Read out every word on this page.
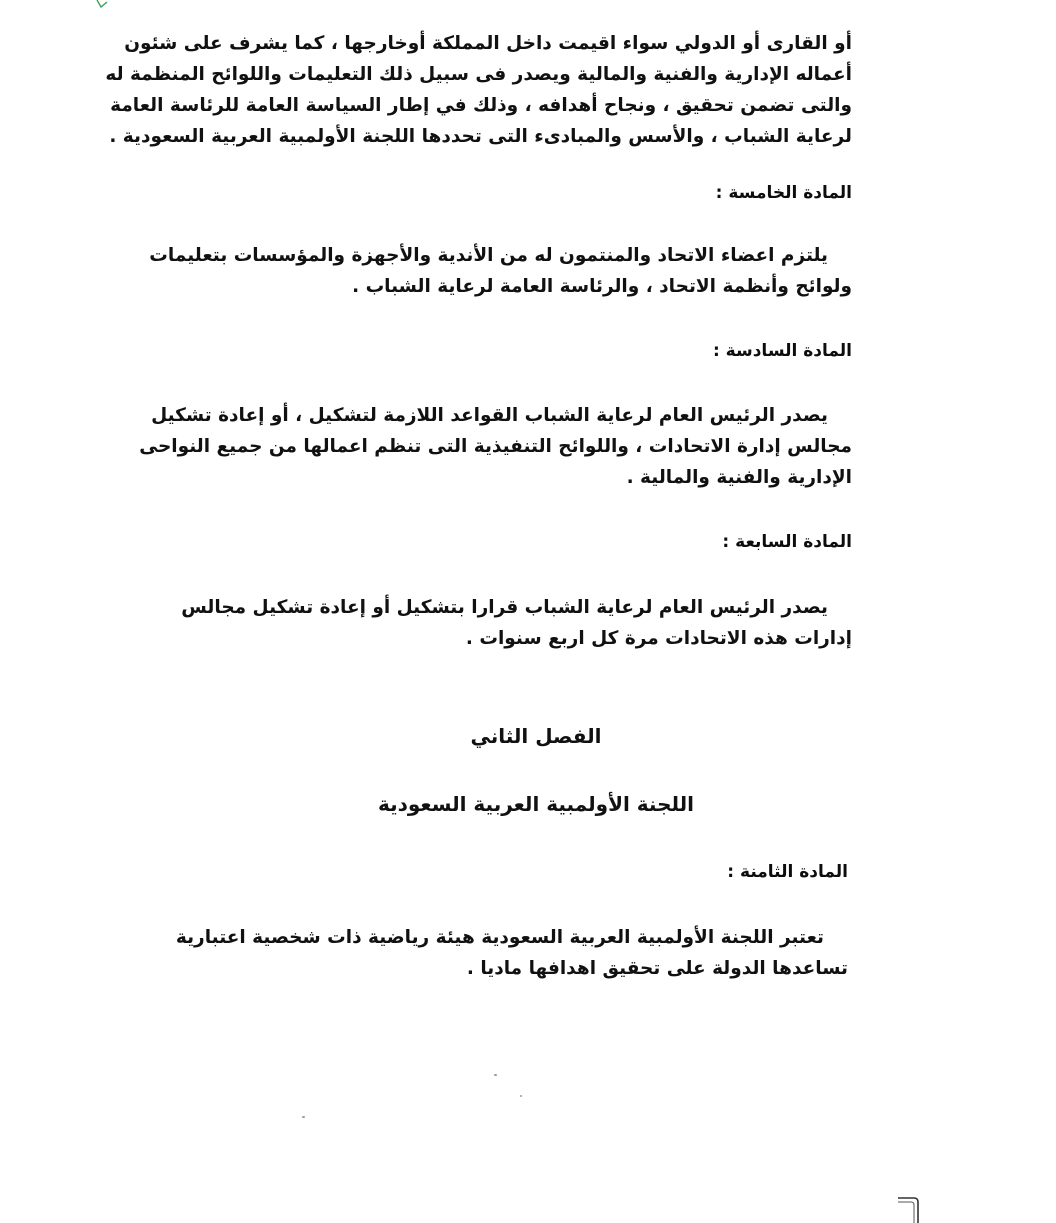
أو القارى أو الدولي سواء اقيمت داخل المملكة أوخارجها ، كما يشرف على شئون
أعماله الإدارية والفنية والمالية ويصدر فى سبيل ذلك التعليمات واللوائح المنظمة له
والتى تضمن تحقيق ، ونجاح أهدافه ، وذلك في إطار السياسة العامة للرئاسة العامة
لرعاية الشباب ، والأسس والمبادىء التى تحددها اللجنة الأولمبية العربية السعودية .
المادة الخامسة :
يلتزم اعضاء الاتحاد والمنتمون له من الأندية والأجهزة والمؤسسات بتعليمات
ولوائح وأنظمة الاتحاد ، والرئاسة العامة لرعاية الشباب .
المادة السادسة :
يصدر الرئيس العام لرعاية الشباب القواعد اللازمة لتشكيل ، أو إعادة تشكيل
مجالس إدارة الاتحادات ، واللوائح التنفيذية التى تنظم اعمالها من جميع النواحى
الإدارية والفنية والمالية .
المادة السابعة :
يصدر الرئيس العام لرعاية الشباب قرارا بتشكيل أو إعادة تشكيل مجالس
إدارات هذه الاتحادات مرة كل اربع سنوات .
الفصل الثاني
اللجنة الأولمبية العربية السعودية
المادة الثامنة :
تعتبر اللجنة الأولمبية العربية السعودية هيئة رياضية ذات شخصية اعتبارية
تساعدها الدولة على تحقيق اهدافها ماديا .
